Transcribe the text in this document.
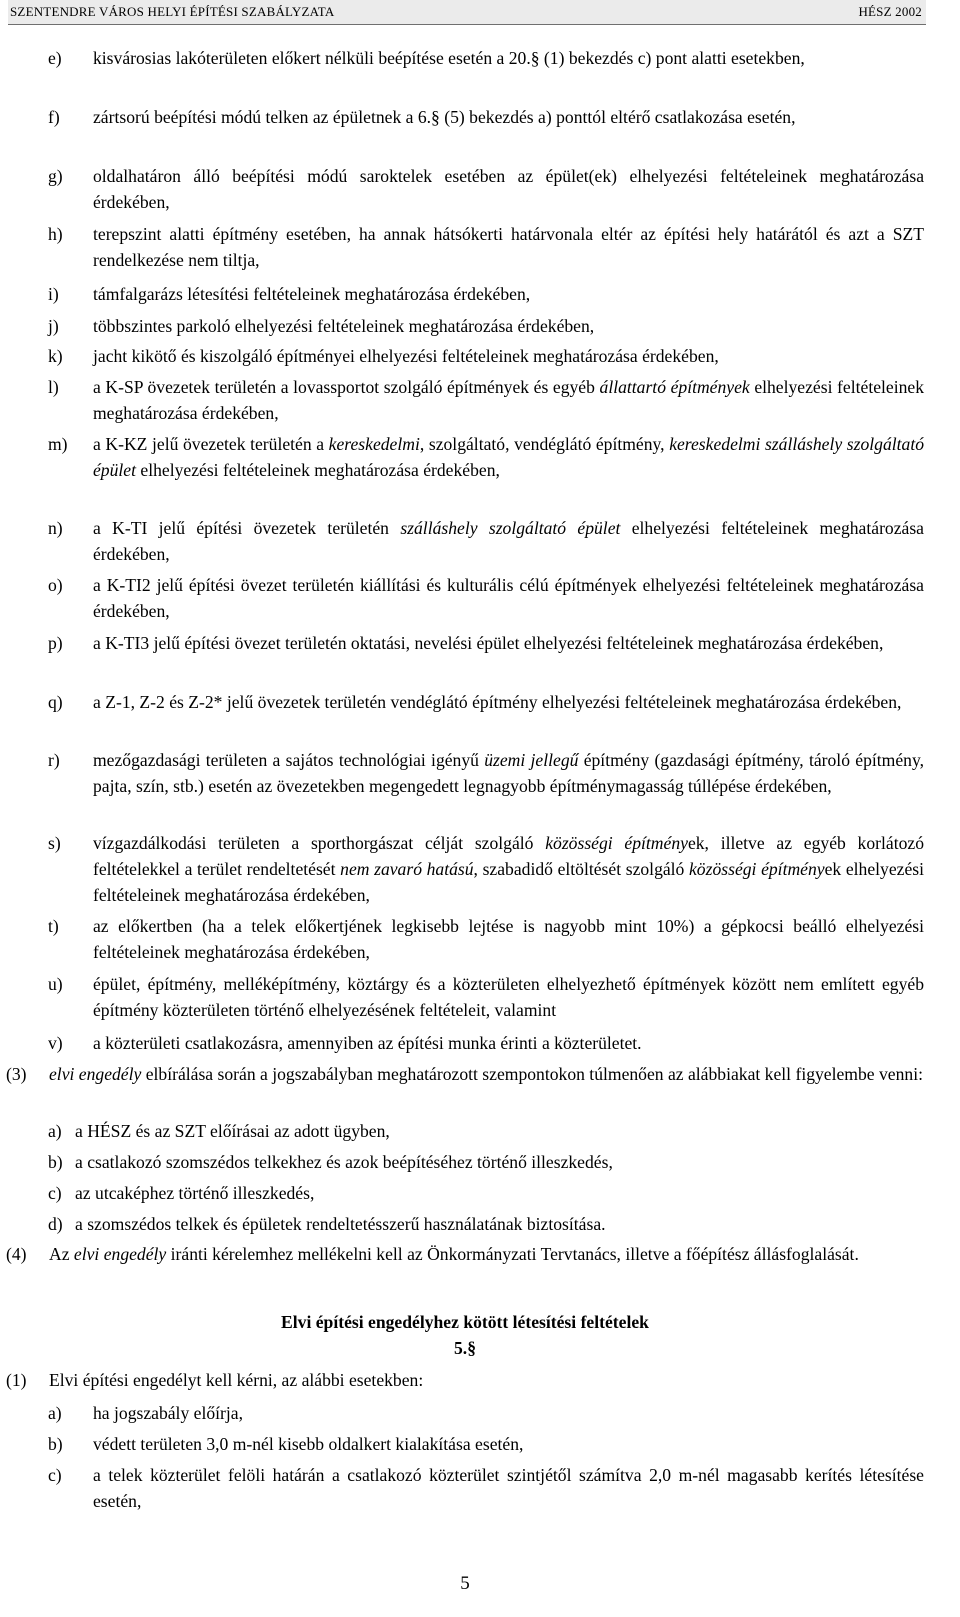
SZENTENDRE VÁROS HELYI ÉPÍTÉSI SZABÁLYZATA	HÉSZ 2002
e) kisvárosias lakóterületen előkert nélküli beépítése esetén a 20.§ (1) bekezdés c) pont alatti esetekben,
f) zártsorú beépítési módú telken az épületnek a 6.§ (5) bekezdés a) ponttól eltérő csatlakozása esetén,
g) oldalhatáron álló beépítési módú saroktelek esetében az épület(ek) elhelyezési feltételeinek meghatározása érdekében,
h) terepszint alatti építmény esetében, ha annak hátsókerti határvonala eltér az építési hely határától és azt a SZT rendelkezése nem tiltja,
i) támfalgarázs létesítési feltételeinek meghatározása érdekében,
j) többszintes parkoló elhelyezési feltételeinek meghatározása érdekében,
k) jacht kikötő és kiszolgáló építményei elhelyezési feltételeinek meghatározása érdekében,
l) a K-SP övezetek területén a lovassportot szolgáló építmények és egyéb állattartó építmények elhelyezési feltételeinek meghatározása érdekében,
m) a K-KZ jelű övezetek területén a kereskedelmi, szolgáltató, vendéglátó építmény, kereskedelmi szálláshely szolgáltató épület elhelyezési feltételeinek meghatározása érdekében,
n) a K-TI jelű építési övezetek területén szálláshely szolgáltató épület elhelyezési feltételeinek meghatározása érdekében,
o) a K-TI2 jelű építési övezet területén kiállítási és kulturális célú építmények elhelyezési feltételeinek meghatározása érdekében,
p) a K-TI3 jelű építési övezet területén oktatási, nevelési épület elhelyezési feltételeinek meghatározása érdekében,
q) a Z-1, Z-2 és Z-2* jelű övezetek területén vendéglátó építmény elhelyezési feltételeinek meghatározása érdekében,
r) mezőgazdasági területen a sajátos technológiai igényű üzemi jellegű építmény (gazdasági építmény, tároló építmény, pajta, szín, stb.) esetén az övezetekben megengedett legnagyobb építménymagasság túllépése érdekében,
s) vízgazdálkodási területen a sporthorgászat célját szolgáló közösségi építmények, illetve az egyéb korlátozó feltételekkel a terület rendeltetését nem zavaró hatású, szabadidő eltöltését szolgáló közösségi építmények elhelyezési feltételeinek meghatározása érdekében,
t) az előkertben (ha a telek előkertjének legkisebb lejtése is nagyobb mint 10%) a gépkocsi beálló elhelyezési feltételeinek meghatározása érdekében,
u) épület, építmény, melléképítmény, köztárgy és a közterületen elhelyezhető építmények között nem említett egyéb építmény közterületen történő elhelyezésének feltételeit, valamint
v) a közterületi csatlakozásra, amennyiben az építési munka érinti a közterületet.
(3) elvi engedély elbírálása során a jogszabályban meghatározott szempontokon túlmenően az alábbiakat kell figyelembe venni:
a) a HÉSZ és az SZT előírásai az adott ügyben,
b) a csatlakozó szomszédos telkekhez és azok beépítéséhez történő illeszkedés,
c) az utcaképhez történő illeszkedés,
d) a szomszédos telkek és épületek rendeltetésszerű használatának biztosítása.
(4) Az elvi engedély iránti kérelemhez mellékelni kell az Önkormányzati Tervtanács, illetve a főépítész állásfoglalását.
Elvi építési engedélyhez kötött létesítési feltételek
5.§
(1) Elvi építési engedélyt kell kérni, az alábbi esetekben:
a) ha jogszabály előírja,
b) védett területen 3,0 m-nél kisebb oldalkert kialakítása esetén,
c) a telek közterület felöli határán a csatlakozó közterület szintjétől számítva 2,0 m-nél magasabb kerítés létesítése esetén,
5
